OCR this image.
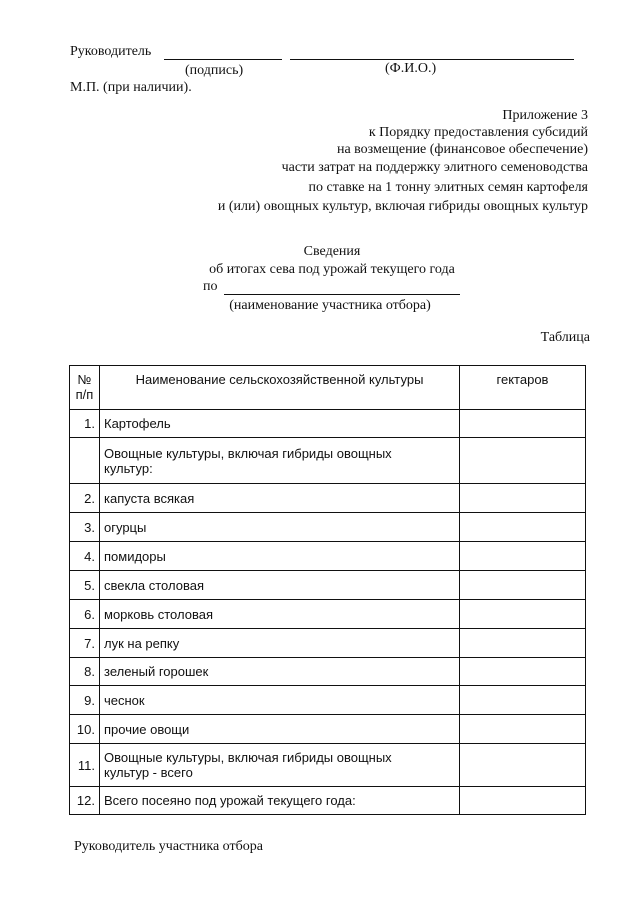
Руководитель
(подпись)	(Ф.И.О.)
М.П. (при наличии).
Приложение 3
к Порядку предоставления субсидий
на возмещение (финансовое обеспечение)
части затрат на поддержку элитного семеноводства
по ставке на 1 тонну элитных семян картофеля
и (или) овощных культур, включая гибриды овощных культур
Сведения
об итогах сева под урожай текущего года
по
(наименование участника отбора)
Таблица
№ п/п	Наименование сельскохозяйственной культуры	гектаров
1.	Картофель	
	Овощные культуры, включая гибриды овощных культур:	
2.	капуста всякая	
3.	огурцы	
4.	помидоры	
5.	свекла столовая	
6.	морковь столовая	
7.	лук на репку	
8.	зеленый горошек	
9.	чеснок	
10.	прочие овощи	
11.	Овощные культуры, включая гибриды овощных культур - всего	
12.	Всего посеяно под урожай текущего года:	
Руководитель участника отбора
